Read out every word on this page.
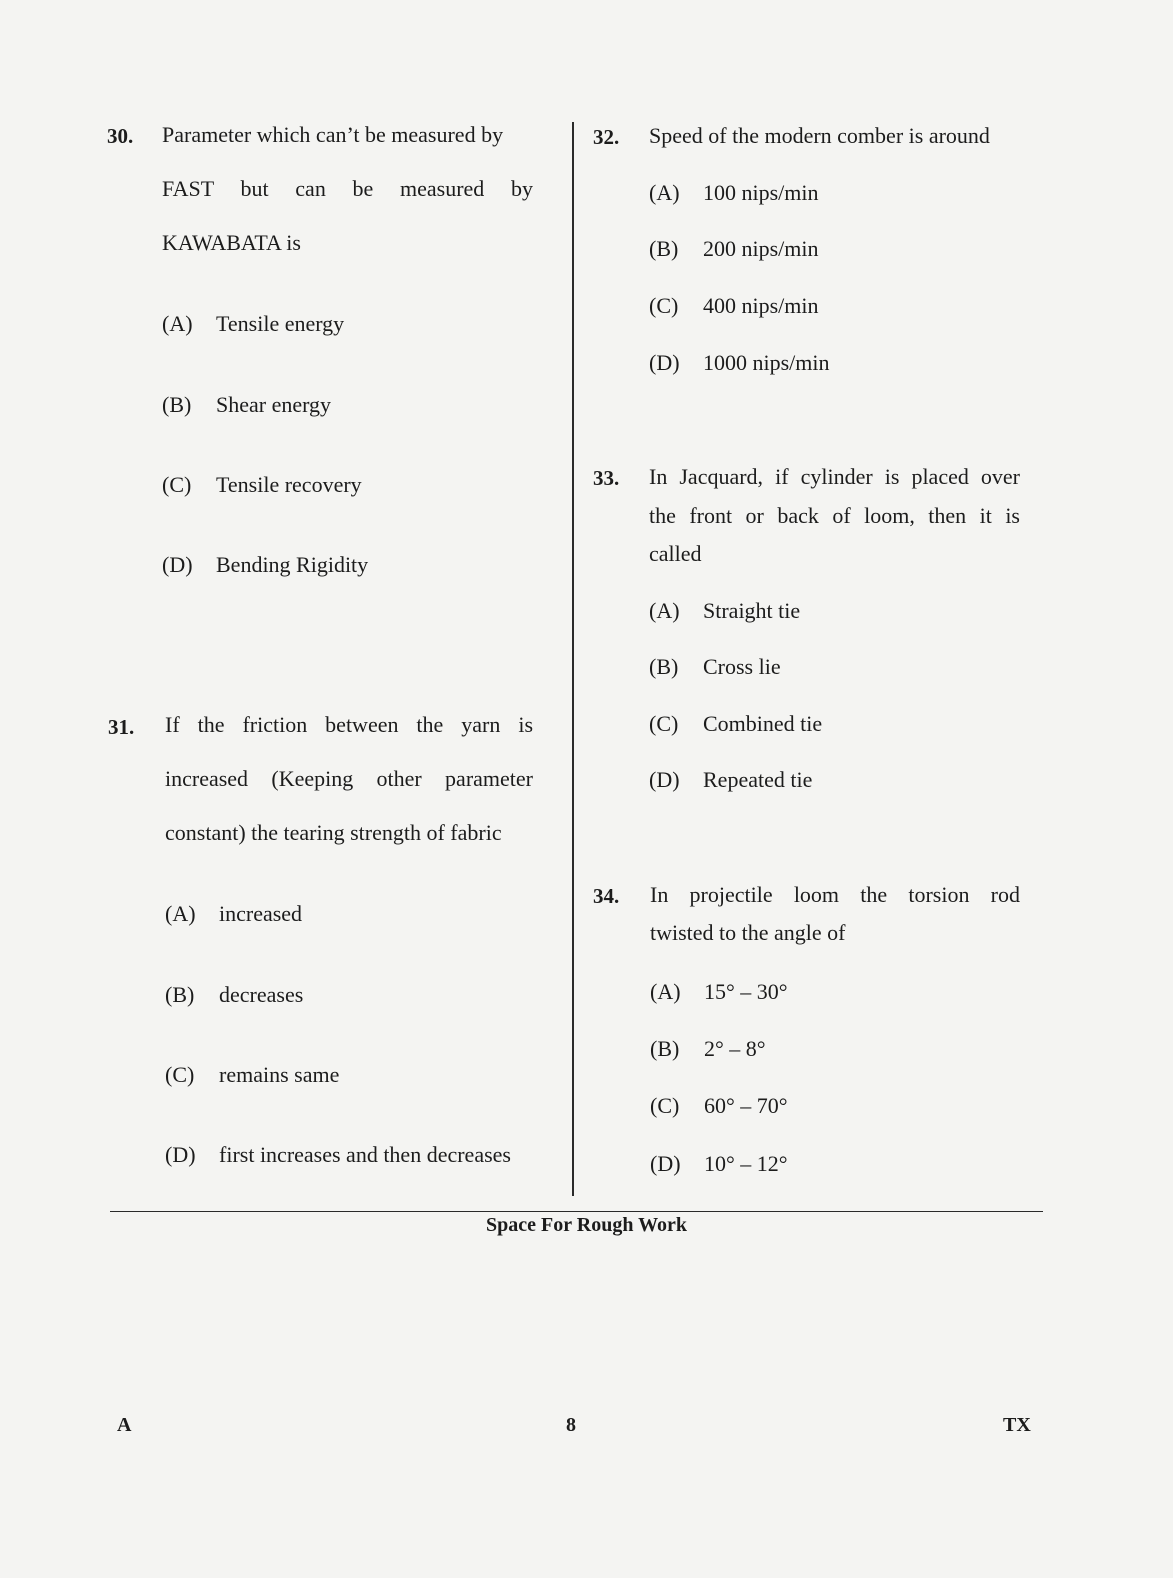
30. Parameter which can’t be measured by
FAST but can be measured by
KAWABATA is
(A) Tensile energy
(B) Shear energy
(C) Tensile recovery
(D) Bending Rigidity
31. If the friction between the yarn is
increased (Keeping other parameter
constant) the tearing strength of fabric
(A) increased
(B) decreases
(C) remains same
(D) first increases and then decreases
32. Speed of the modern comber is around
(A) 100 nips/min
(B) 200 nips/min
(C) 400 nips/min
(D) 1000 nips/min
33. In Jacquard, if cylinder is placed over
the front or back of loom, then it is
called
(A) Straight tie
(B) Cross lie
(C) Combined tie
(D) Repeated tie
34. In projectile loom the torsion rod
twisted to the angle of
(A) 15° – 30°
(B) 2° – 8°
(C) 60° – 70°
(D) 10° – 12°
Space For Rough Work
A	8	TX
